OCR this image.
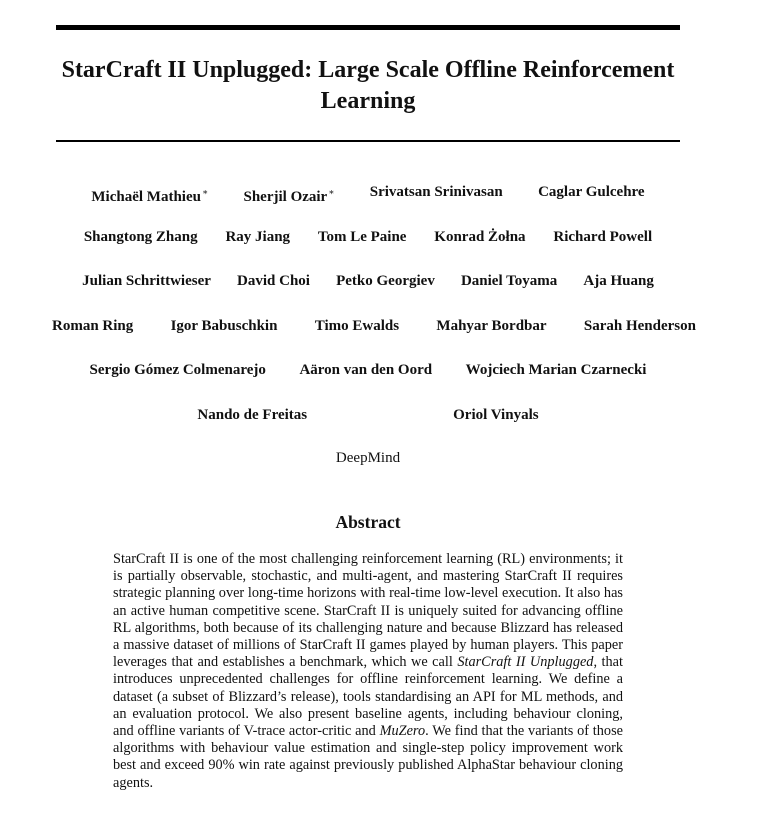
StarCraft II Unplugged: Large Scale Offline Reinforcement Learning
Michaël Mathieu∗ Sherjil Ozair∗ Srivatsan Srinivasan Caglar Gulcehre
Shangtong Zhang Ray Jiang Tom Le Paine Konrad Żołna Richard Powell
Julian Schrittwieser David Choi Petko Georgiev Daniel Toyama Aja Huang
Roman Ring Igor Babuschkin Timo Ewalds Mahyar Bordbar Sarah Henderson
Sergio Gómez Colmenarejo Aäron van den Oord Wojciech Marian Czarnecki
Nando de Freitas	Oriol Vinyals
DeepMind
Abstract
StarCraft II is one of the most challenging reinforcement learning (RL) environments; it is partially observable, stochastic, and multi-agent, and mastering StarCraft II requires strategic planning over long-time horizons with real-time low-level execution. It also has an active human competitive scene. StarCraft II is uniquely suited for advancing offline RL algorithms, both because of its challenging nature and because Blizzard has released a massive dataset of millions of StarCraft II games played by human players. This paper leverages that and establishes a benchmark, which we call StarCraft II Unplugged, that introduces unprecedented challenges for offline reinforcement learning. We define a dataset (a subset of Blizzard’s release), tools standardising an API for ML methods, and an evaluation protocol. We also present baseline agents, including behaviour cloning, and offline variants of V-trace actor-critic and MuZero. We find that the variants of those algorithms with behaviour value estimation and single-step policy improvement work best and exceed 90% win rate against previously published AlphaStar behaviour cloning agents.
